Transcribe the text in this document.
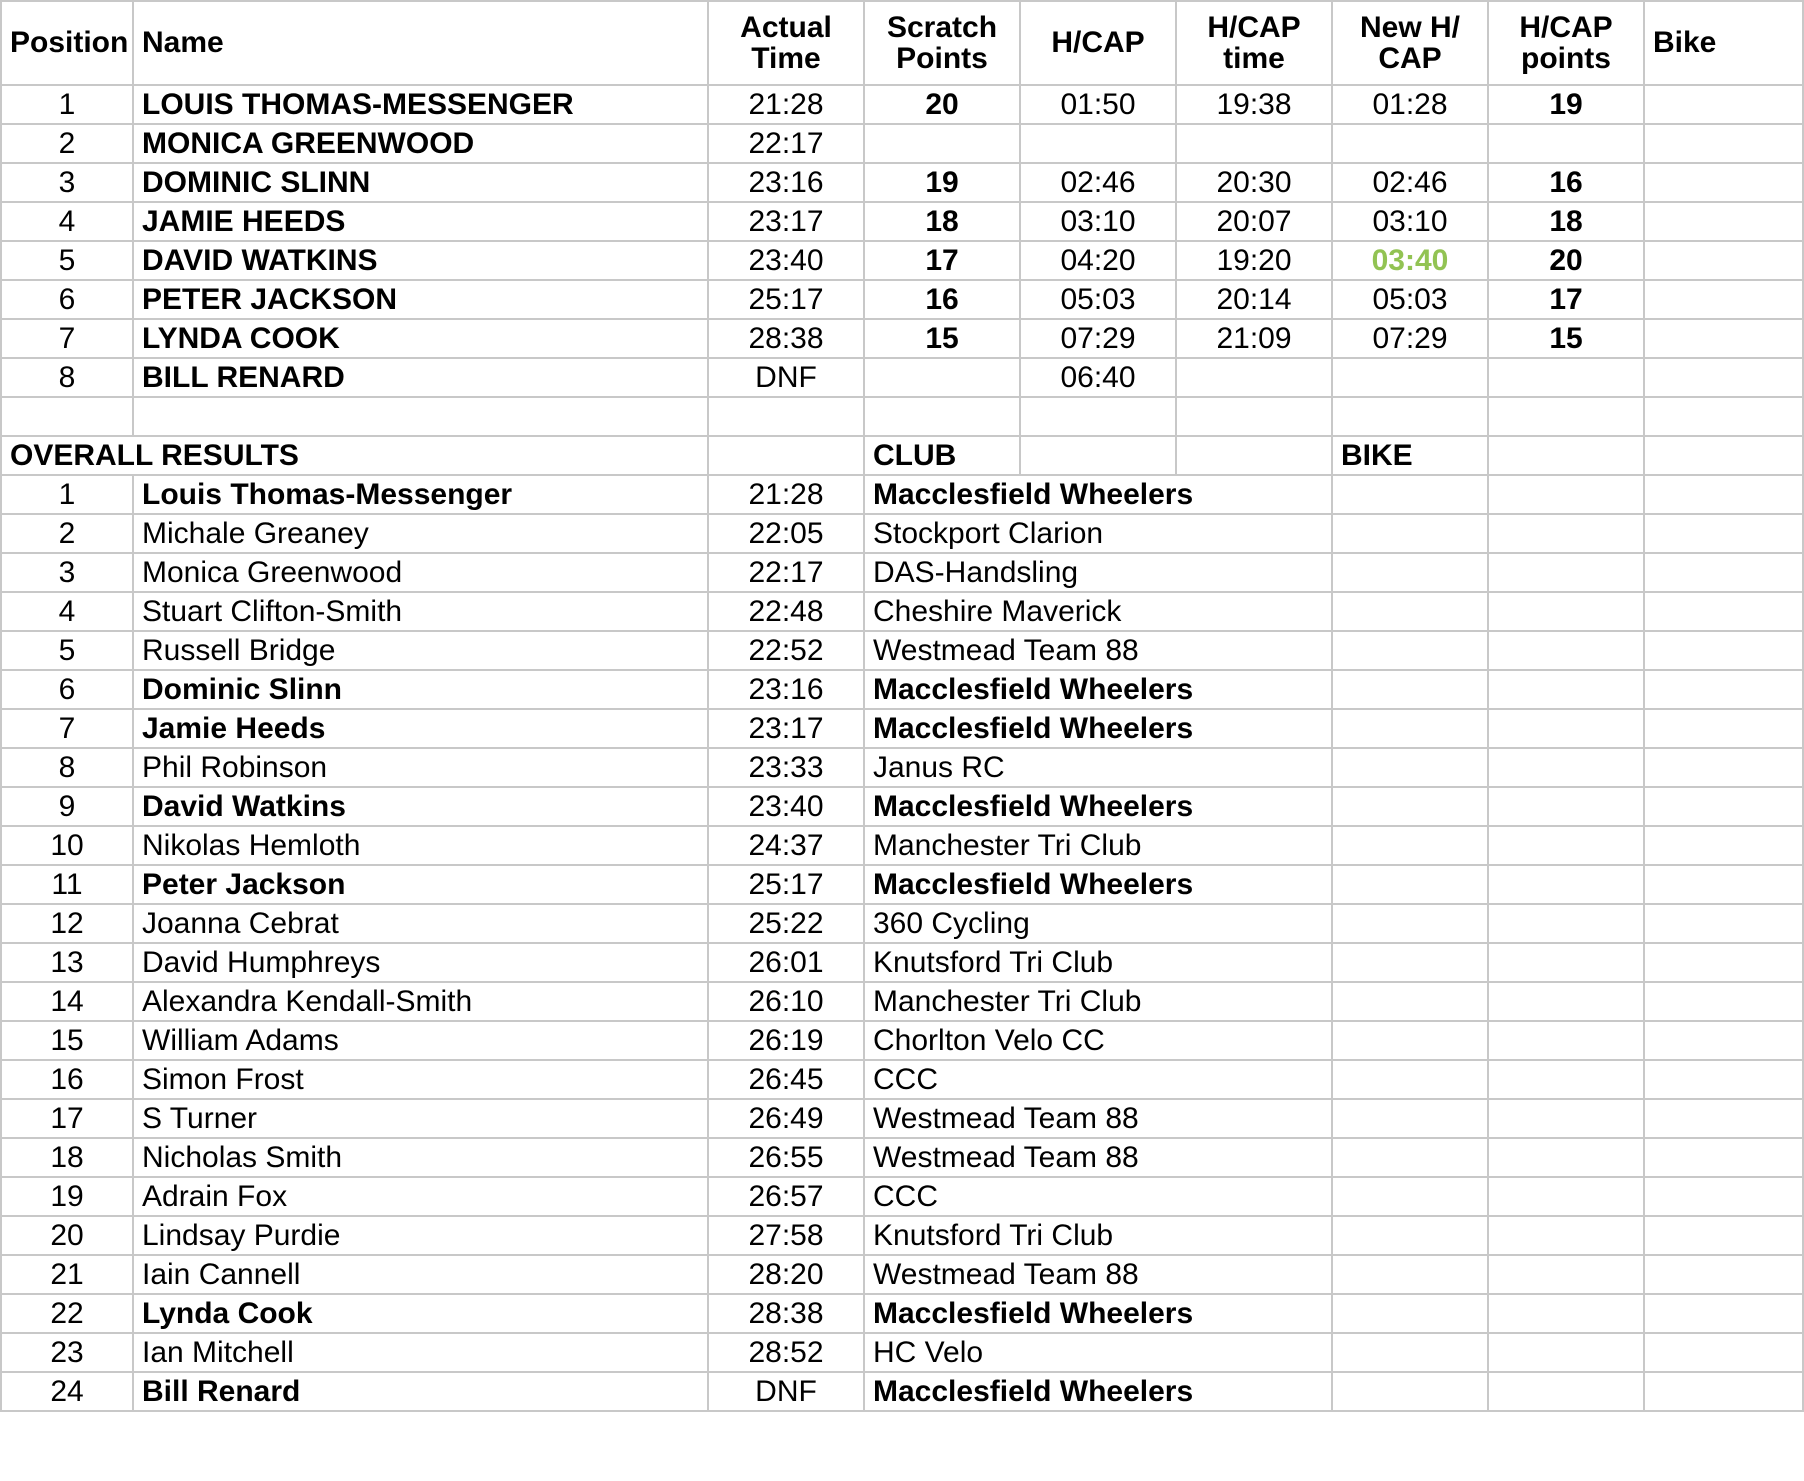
Position	Name	Actual Time	Scratch Points	H/CAP	H/CAP time	New H/ CAP	H/CAP points	Bike
1	LOUIS THOMAS-MESSENGER	21:28	20	01:50	19:38	01:28	19	
2	MONICA GREENWOOD	22:17						
3	DOMINIC SLINN	23:16	19	02:46	20:30	02:46	16	
4	JAMIE HEEDS	23:17	18	03:10	20:07	03:10	18	
5	DAVID WATKINS	23:40	17	04:20	19:20	03:40	20	
6	PETER JACKSON	25:17	16	05:03	20:14	05:03	17	
7	LYNDA COOK	28:38	15	07:29	21:09	07:29	15	
8	BILL RENARD	DNF		06:40				

OVERALL RESULTS			CLUB			BIKE		
1	Louis Thomas-Messenger	21:28	Macclesfield Wheelers					
2	Michale Greaney	22:05	Stockport Clarion					
3	Monica Greenwood	22:17	DAS-Handsling					
4	Stuart Clifton-Smith	22:48	Cheshire Maverick					
5	Russell Bridge	22:52	Westmead Team 88					
6	Dominic Slinn	23:16	Macclesfield Wheelers					
7	Jamie Heeds	23:17	Macclesfield Wheelers					
8	Phil Robinson	23:33	Janus RC					
9	David Watkins	23:40	Macclesfield Wheelers					
10	Nikolas Hemloth	24:37	Manchester Tri Club					
11	Peter Jackson	25:17	Macclesfield Wheelers					
12	Joanna Cebrat	25:22	360 Cycling					
13	David Humphreys	26:01	Knutsford Tri Club					
14	Alexandra Kendall-Smith	26:10	Manchester Tri Club					
15	William Adams	26:19	Chorlton Velo CC					
16	Simon Frost	26:45	CCC					
17	S Turner	26:49	Westmead Team 88					
18	Nicholas Smith	26:55	Westmead Team 88					
19	Adrain Fox	26:57	CCC					
20	Lindsay Purdie	27:58	Knutsford Tri Club					
21	Iain Cannell	28:20	Westmead Team 88					
22	Lynda Cook	28:38	Macclesfield Wheelers					
23	Ian Mitchell	28:52	HC Velo					
24	Bill Renard	DNF	Macclesfield Wheelers					
